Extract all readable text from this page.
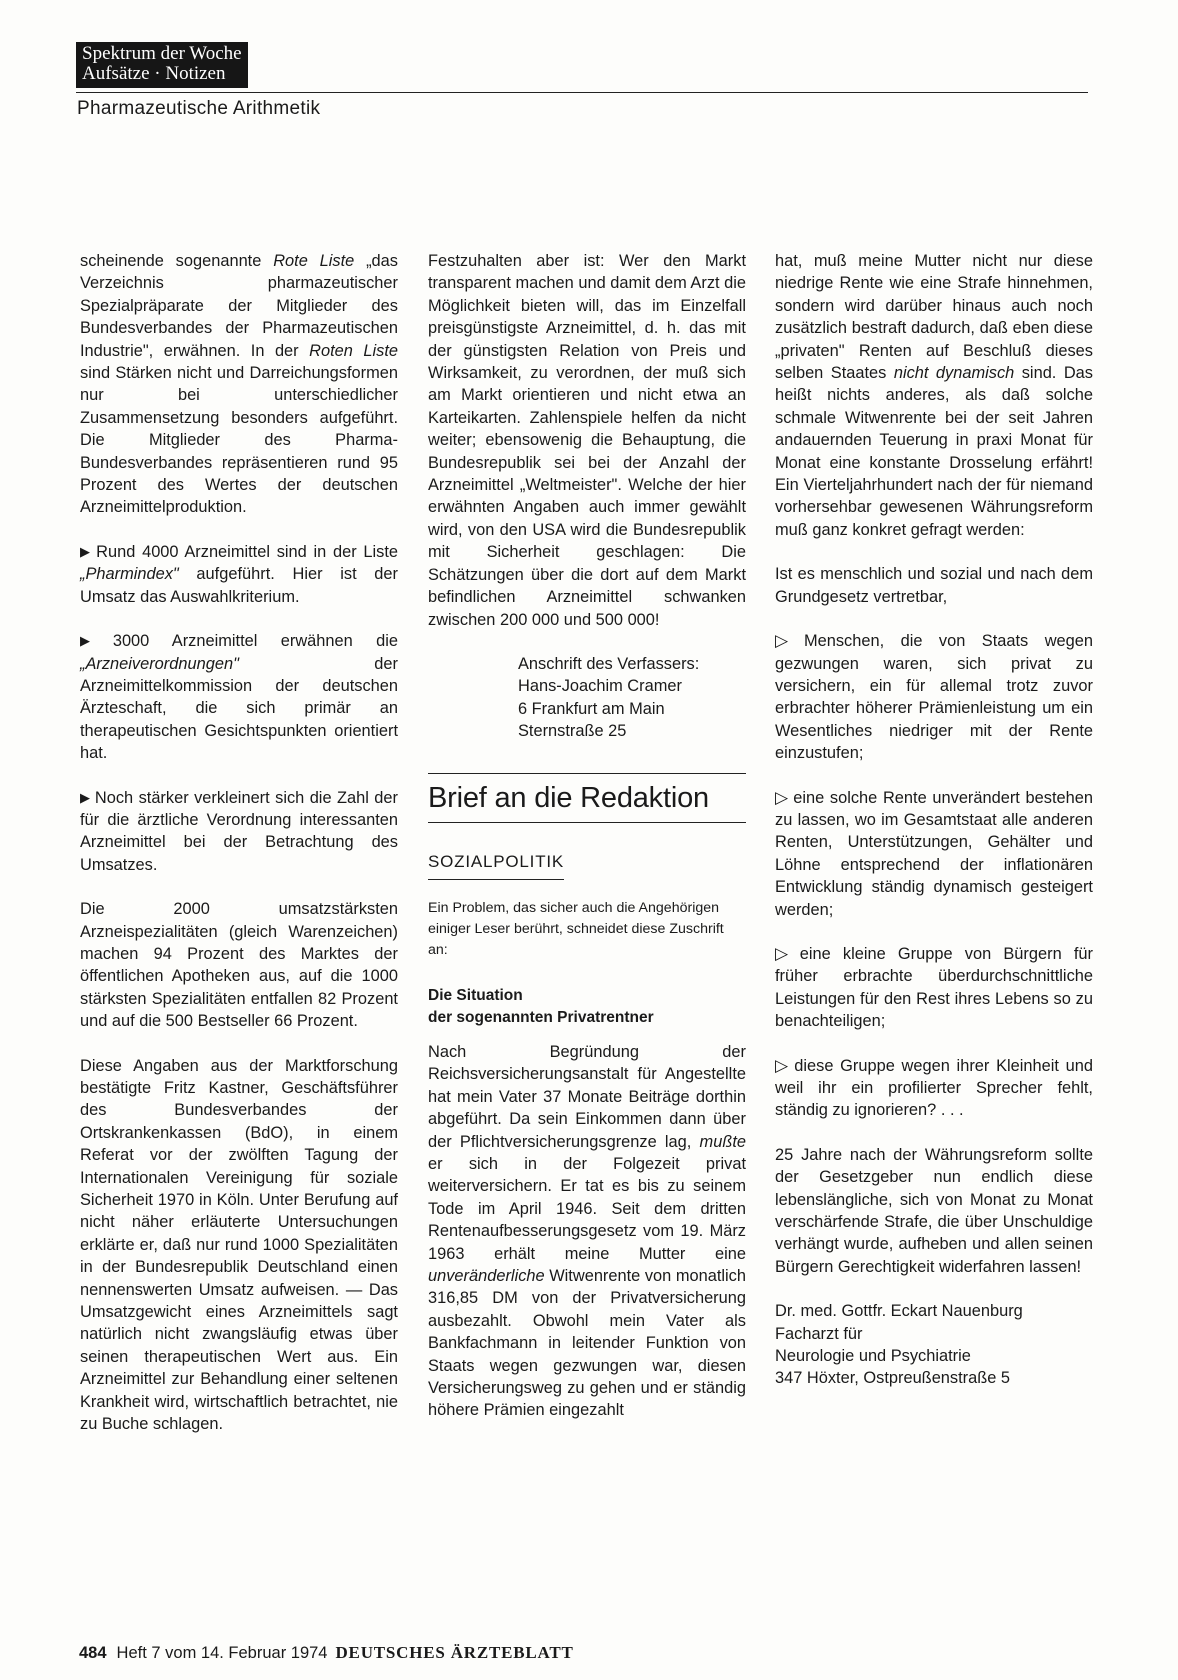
Spektrum der Woche
Aufsätze · Notizen
Pharmazeutische Arithmetik

scheinende sogenannte Rote Liste „das Verzeichnis pharmazeutischer Spezialpräparate der Mitglieder des Bundesverbandes der Pharmazeutischen Industrie", erwähnen. In der Roten Liste sind Stärken nicht und Darreichungsformen nur bei unterschiedlicher Zusammensetzung besonders aufgeführt. Die Mitglieder des Pharma-Bundesverbandes repräsentieren rund 95 Prozent des Wertes der deutschen Arzneimittelproduktion.

▶ Rund 4000 Arzneimittel sind in der Liste „Pharmindex" aufgeführt. Hier ist der Umsatz das Auswahlkriterium.

▶ 3000 Arzneimittel erwähnen die „Arzneiverordnungen" der Arzneimittelkommission der deutschen Ärzteschaft, die sich primär an therapeutischen Gesichtspunkten orientiert hat.

▶ Noch stärker verkleinert sich die Zahl der für die ärztliche Verordnung interessanten Arzneimittel bei der Betrachtung des Umsatzes.

Die 2000 umsatzstärksten Arzneispezialitäten (gleich Warenzeichen) machen 94 Prozent des Marktes der öffentlichen Apotheken aus, auf die 1000 stärksten Spezialitäten entfallen 82 Prozent und auf die 500 Bestseller 66 Prozent.

Diese Angaben aus der Marktforschung bestätigte Fritz Kastner, Geschäftsführer des Bundesverbandes der Ortskrankenkassen (BdO), in einem Referat vor der zwölften Tagung der Internationalen Vereinigung für soziale Sicherheit 1970 in Köln. Unter Berufung auf nicht näher erläuterte Untersuchungen erklärte er, daß nur rund 1000 Spezialitäten in der Bundesrepublik Deutschland einen nennenswerten Umsatz aufweisen. — Das Umsatzgewicht eines Arzneimittels sagt natürlich nicht zwangsläufig etwas über seinen therapeutischen Wert aus. Ein Arzneimittel zur Behandlung einer seltenen Krankheit wird, wirtschaftlich betrachtet, nie zu Buche schlagen.

Festzuhalten aber ist: Wer den Markt transparent machen und damit dem Arzt die Möglichkeit bieten will, das im Einzelfall preisgünstigste Arzneimittel, d. h. das mit der günstigsten Relation von Preis und Wirksamkeit, zu verordnen, der muß sich am Markt orientieren und nicht etwa an Karteikarten. Zahlenspiele helfen da nicht weiter; ebensowenig die Behauptung, die Bundesrepublik sei bei der Anzahl der Arzneimittel „Weltmeister". Welche der hier erwähnten Angaben auch immer gewählt wird, von den USA wird die Bundesrepublik mit Sicherheit geschlagen: Die Schätzungen über die dort auf dem Markt befindlichen Arzneimittel schwanken zwischen 200 000 und 500 000!

Anschrift des Verfassers:
Hans-Joachim Cramer
6 Frankfurt am Main
Sternstraße 25
Brief an die Redaktion
SOZIALPOLITIK
Ein Problem, das sicher auch die Angehörigen einiger Leser berührt, schneidet diese Zuschrift an:
Die Situation
der sogenannten Privatrentner

Nach Begründung der Reichsversicherungsanstalt für Angestellte hat mein Vater 37 Monate Beiträge dorthin abgeführt. Da sein Einkommen dann über der Pflichtversicherungsgrenze lag, mußte er sich in der Folgezeit privat weiterversichern. Er tat es bis zu seinem Tode im April 1946. Seit dem dritten Rentenaufbesserungsgesetz vom 19. März 1963 erhält meine Mutter eine unveränderliche Witwenrente von monatlich 316,85 DM von der Privatversicherung ausbezahlt. Obwohl mein Vater als Bankfachmann in leitender Funktion von Staats wegen gezwungen war, diesen Versicherungsweg zu gehen und er ständig höhere Prämien eingezahlt

hat, muß meine Mutter nicht nur diese niedrige Rente wie eine Strafe hinnehmen, sondern wird darüber hinaus auch noch zusätzlich bestraft dadurch, daß eben diese „privaten" Renten auf Beschluß dieses selben Staates nicht dynamisch sind. Das heißt nichts anderes, als daß solche schmale Witwenrente bei der seit Jahren andauernden Teuerung in praxi Monat für Monat eine konstante Drosselung erfährt! Ein Vierteljahrhundert nach der für niemand vorhersehbar gewesenen Währungsreform muß ganz konkret gefragt werden:

Ist es menschlich und sozial und nach dem Grundgesetz vertretbar,

▷ Menschen, die von Staats wegen gezwungen waren, sich privat zu versichern, ein für allemal trotz zuvor erbrachter höherer Prämienleistung um ein Wesentliches niedriger mit der Rente einzustufen;

▷ eine solche Rente unverändert bestehen zu lassen, wo im Gesamtstaat alle anderen Renten, Unterstützungen, Gehälter und Löhne entsprechend der inflationären Entwicklung ständig dynamisch gesteigert werden;

▷ eine kleine Gruppe von Bürgern für früher erbrachte überdurchschnittliche Leistungen für den Rest ihres Lebens so zu benachteiligen;

▷ diese Gruppe wegen ihrer Kleinheit und weil ihr ein profilierter Sprecher fehlt, ständig zu ignorieren? . . .

25 Jahre nach der Währungsreform sollte der Gesetzgeber nun endlich diese lebenslängliche, sich von Monat zu Monat verschärfende Strafe, die über Unschuldige verhängt wurde, aufheben und allen seinen Bürgern Gerechtigkeit widerfahren lassen!

Dr. med. Gottfr. Eckart Nauenburg
Facharzt für
Neurologie und Psychiatrie
347 Höxter, Ostpreußenstraße 5
484 Heft 7 vom 14. Februar 1974 DEUTSCHES ÄRZTEBLATT
